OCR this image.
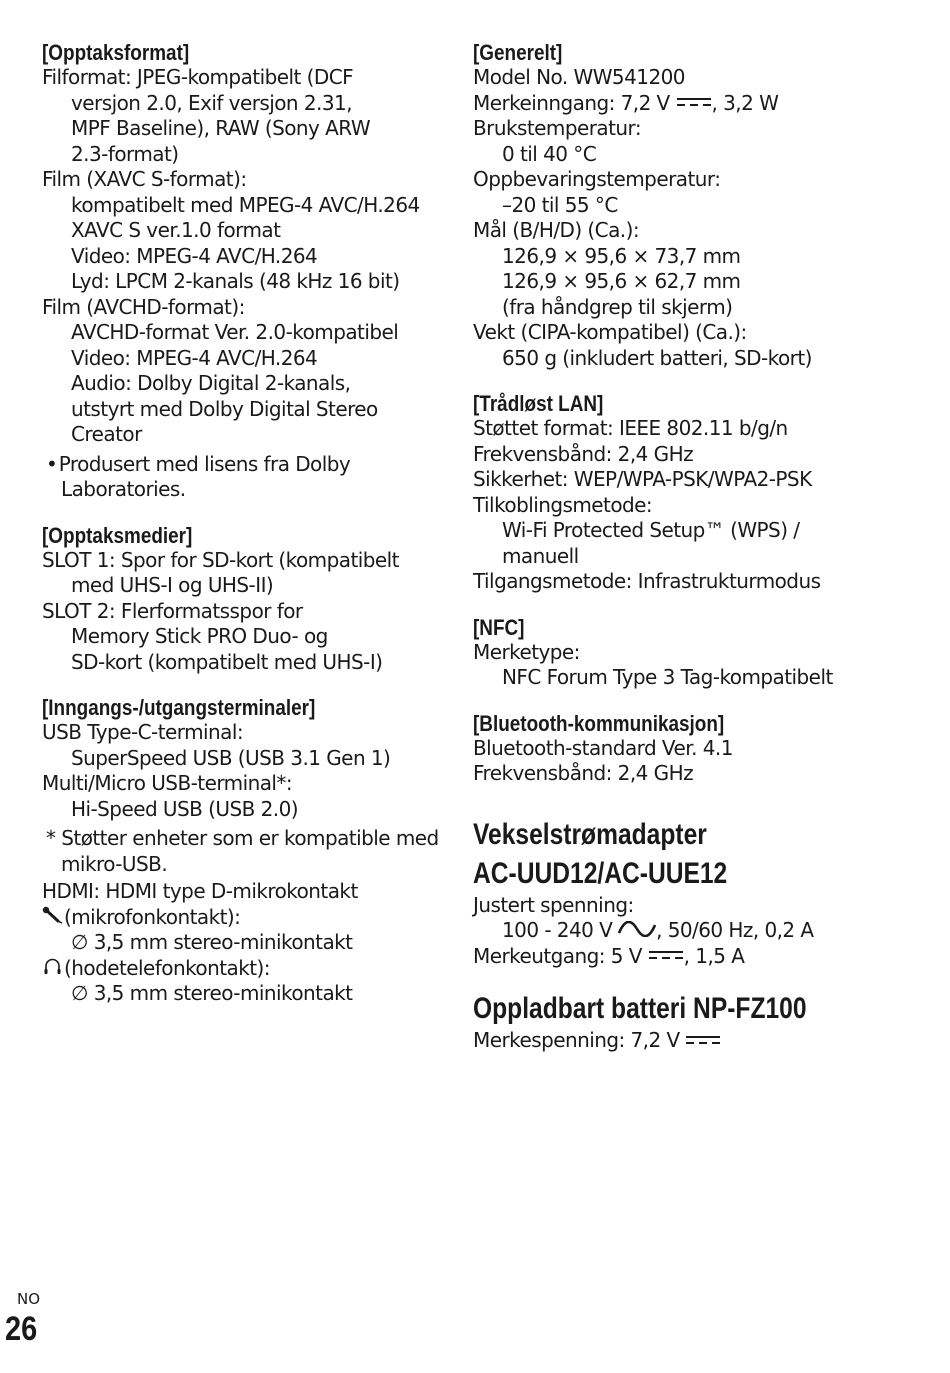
[Opptaksformat]
Filformat: JPEG-kompatibelt (DCF
versjon 2.0, Exif versjon 2.31,
MPF Baseline), RAW (Sony ARW
2.3-format)
Film (XAVC S-format):
kompatibelt med MPEG-4 AVC/H.264
XAVC S ver.1.0 format
Video: MPEG-4 AVC/H.264
Lyd: LPCM 2-kanals (48 kHz 16 bit)
Film (AVCHD-format):
AVCHD-format Ver. 2.0-kompatibel
Video: MPEG-4 AVC/H.264
Audio: Dolby Digital 2-kanals,
utstyrt med Dolby Digital Stereo
Creator
• Produsert med lisens fra Dolby Laboratories.
[Opptaksmedier]
SLOT 1: Spor for SD-kort (kompatibelt
med UHS-I og UHS-II)
SLOT 2: Flerformatsspor for
Memory Stick PRO Duo- og
SD-kort (kompatibelt med UHS-I)
[Inngangs-/utgangsterminaler]
USB Type-C-terminal:
SuperSpeed USB (USB 3.1 Gen 1)
Multi/Micro USB-terminal*:
Hi-Speed USB (USB 2.0)
* Støtter enheter som er kompatible med mikro-USB.
HDMI: HDMI type D-mikrokontakt
(mikrofonkontakt):
∅ 3,5 mm stereo-minikontakt
(hodetelefonkontakt):
∅ 3,5 mm stereo-minikontakt
[Generelt]
Model No. WW541200
Merkeinngang: 7,2 V , 3,2 W
Brukstemperatur:
0 til 40 °C
Oppbevaringstemperatur:
–20 til 55 °C
Mål (B/H/D) (Ca.):
126,9 × 95,6 × 73,7 mm
126,9 × 95,6 × 62,7 mm
(fra håndgrep til skjerm)
Vekt (CIPA-kompatibel) (Ca.):
650 g (inkludert batteri, SD-kort)
[Trådløst LAN]
Støttet format: IEEE 802.11 b/g/n
Frekvensbånd: 2,4 GHz
Sikkerhet: WEP/WPA-PSK/WPA2-PSK
Tilkoblingsmetode:
Wi-Fi Protected Setup™ (WPS) /
manuell
Tilgangsmetode: Infrastrukturmodus
[NFC]
Merketype:
NFC Forum Type 3 Tag-kompatibelt
[Bluetooth-kommunikasjon]
Bluetooth-standard Ver. 4.1
Frekvensbånd: 2,4 GHz
Vekselstrømadapter
AC-UUD12/AC-UUE12
Justert spenning:
100 - 240 V , 50/60 Hz, 0,2 A
Merkeutgang: 5 V , 1,5 A
Oppladbart batteri NP-FZ100
Merkespenning: 7,2 V
NO
26
